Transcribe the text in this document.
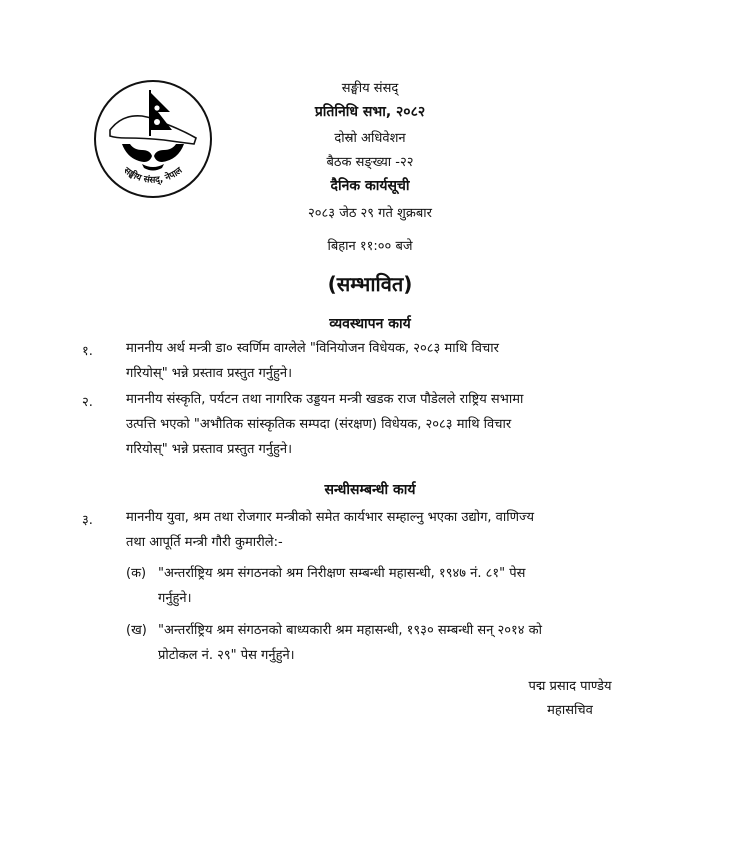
सङ्घीय संसद्, नेपाल
सङ्घीय संसद्
प्रतिनिधि सभा, २०८२
दोस्रो अधिवेशन
बैठक सङ्ख्या -२२
दैनिक कार्यसूची
२०८३ जेठ २९ गते शुक्रबार
बिहान ११:०० बजे
(सम्भावित)
व्यवस्थापन कार्य
१.	माननीय अर्थ मन्त्री डा० स्वर्णिम वाग्लेले "विनियोजन विधेयक, २०८३ माथि विचार
गरियोस्" भन्ने प्रस्ताव प्रस्तुत गर्नुहुने।
२.	माननीय संस्कृति, पर्यटन तथा नागरिक उड्डयन मन्त्री खडक राज पौडेलले राष्ट्रिय सभामा
उत्पत्ति भएको "अभौतिक सांस्कृतिक सम्पदा (संरक्षण) विधेयक, २०८३ माथि विचार
गरियोस्" भन्ने प्रस्ताव प्रस्तुत गर्नुहुने।
सन्धीसम्बन्धी कार्य
३.	माननीय युवा, श्रम तथा रोजगार मन्त्रीको समेत कार्यभार सम्हाल्नु भएका उद्योग, वाणिज्य
तथा आपूर्ति मन्त्री गौरी कुमारीले:-
(क) "अन्तर्राष्ट्रिय श्रम संगठनको श्रम निरीक्षण सम्बन्धी महासन्धी, १९४७ नं. ८१" पेस
गर्नुहुने।
(ख) "अन्तर्राष्ट्रिय श्रम संगठनको बाध्यकारी श्रम महासन्धी, १९३० सम्बन्धी सन् २०१४ को
प्रोटोकल नं. २९" पेस गर्नुहुने।
पद्म प्रसाद पाण्डेय
महासचिव
